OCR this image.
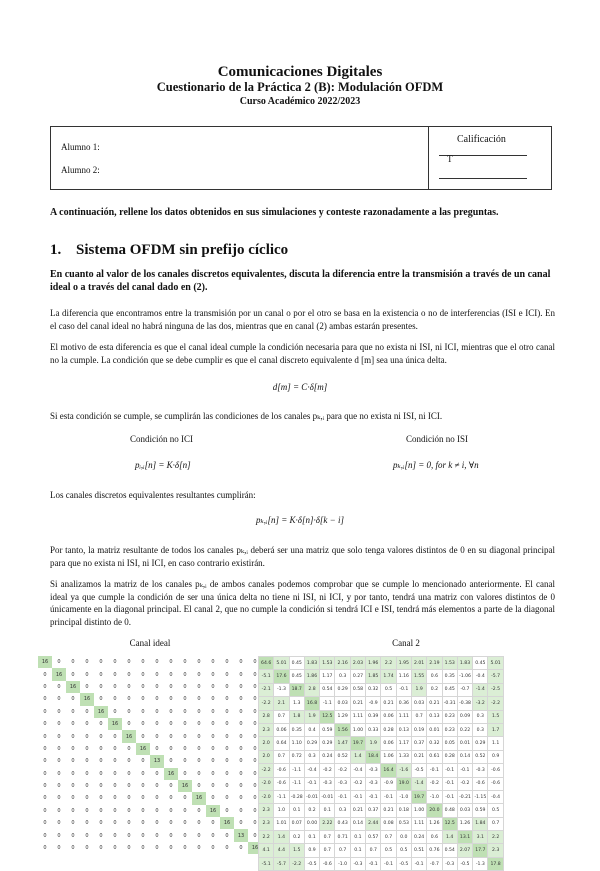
Comunicaciones Digitales
Cuestionario de la Práctica 2 (B): Modulación OFDM
Curso Académico 2022/2023
Alumno 1:
Alumno 2:
Calificación
T
A continuación, rellene los datos obtenidos en sus simulaciones y conteste razonadamente a las preguntas.
1. Sistema OFDM sin prefijo cíclico
En cuanto al valor de los canales discretos equivalentes, discuta la diferencia entre la transmisión a través de un canal ideal o a través del canal dado en (2).
La diferencia que encontramos entre la transmisión por un canal o por el otro se basa en la existencia o no de interferencias (ISI e ICI). En el caso del canal ideal no habrá ninguna de las dos, mientras que en canal (2) ambas estarán presentes.
El motivo de esta diferencia es que el canal ideal cumple la condición necesaria para que no exista ni ISI, ni ICI, mientras que el otro canal no la cumple. La condición que se debe cumplir es que el canal discreto equivalente d [m] sea una única delta.
d[m] = C·δ[m]
Si esta condición se cumple, se cumplirán las condiciones de los canales pₖ,ᵢ para que no exista ni ISI, ni ICI.
Condición no ICI	Condición no ISI
pᵢ,ᵢ[n] = K·δ[n]	pₖ,ᵢ[n] = 0, for k ≠ i, ∀n
Los canales discretos equivalentes resultantes cumplirán:
pₖ,ᵢ[n] = K·δ[n]·δ[k − i]
Por tanto, la matriz resultante de todos los canales pₖ,ᵢ deberá ser una matriz que solo tenga valores distintos de 0 en su diagonal principal para que no exista ni ISI, ni ICI, en caso contrario existirán.
Si analizamos la matriz de los canales pₖ,ᵢ de ambos canales podemos comprobar que se cumple lo mencionado anteriormente. El canal ideal ya que cumple la condición de ser una única delta no tiene ni ISI, ni ICI, y por tanto, tendrá una matriz con valores distintos de 0 únicamente en la diagonal principal. El canal 2, que no cumple la condición si tendrá ICI e ISI, tendrá más elementos a parte de la diagonal principal distinto de 0.
Canal ideal	Canal 2
16	0	0	0	0	0	0	0	0	0	0	0	0	0	0	0
0	16	0	0	0	0	0	0	0	0	0	0	0	0	0	0
0	0	16	0	0	0	0	0	0	0	0	0	0	0	0	0
0	0	0	16	0	0	0	0	0	0	0	0	0	0	0	0
0	0	0	0	16	0	0	0	0	0	0	0	0	0	0	0
0	0	0	0	0	16	0	0	0	0	0	0	0	0	0	0
0	0	0	0	0	0	16	0	0	0	0	0	0	0	0	0
0	0	0	0	0	0	0	16	0	0	0	0	0	0	0	0
0	0	0	0	0	0	0	0	13	0	0	0	0	0	0	0
0	0	0	0	0	0	0	0	0	16	0	0	0	0	0	0
0	0	0	0	0	0	0	0	0	0	16	0	0	0	0	0
0	0	0	0	0	0	0	0	0	0	0	16	0	0	0	0
0	0	0	0	0	0	0	0	0	0	0	0	16	0	0	0
0	0	0	0	0	0	0	0	0	0	0	0	0	16	0	0
0	0	0	0	0	0	0	0	0	0	0	0	0	0	13	0
0	0	0	0	0	0	0	0	0	0	0	0	0	0	0	16
64.6	5.01	0.45	1.83	1.53	2.16	2.03	1.96	2.2	1.95	2.01	2.19	1.53	1.83	0.45	5.01
-5.1	17.6	0.45	1.86	1.17	0.3	0.27	1.85	1.74	1.16	1.55	0.6	0.35	-1.06	-0.4	-5.7
-2.1	-1.3	18.7	2.8	0.54	0.29	0.58	0.32	0.5	-0.1	1.9	0.2	0.45	-0.7	-1.4	-2.5
-2.2	2.1	1.3	16.8	-1.1	0.03	0.21	-0.9	0.21	0.36	0.03	0.21	-0.31	-0.38	-3.2	-2.2
2.8	0.7	1.8	1.9	12.5	1.29	1.11	0.39	0.06	1.11	0.7	0.13	0.23	0.09	0.3	1.5
2.3	0.06	0.35	0.4	0.59	1.56	1.00	0.33	0.28	0.13	0.19	0.01	0.23	0.22	0.3	1.7
2.0	0.64	1.10	0.29	0.29	1.47	19.7	1.9	0.06	1.17	0.37	0.32	0.05	0.01	0.29	1.1
2.0	0.7	0.72	0.3	0.24	0.52	1.4	18.4	1.06	1.33	0.21	0.61	0.28	0.14	0.52	0.9
-2.2	-0.6	-1.1	-0.4	-0.2	-0.2	-0.4	-0.3	16.4	-1.6	-0.5	-0.1	-0.1	-0.1	-0.3	-0.6
-2.0	-0.6	-1.1	-0.1	-0.3	-0.3	-0.2	-0.3	-0.9	19.0	-1.4	-0.2	-0.1	-0.2	-0.6	-0.6
-2.0	-1.1	-0.28	-0.01	-0.01	-0.1	-0.1	-0.1	-0.1	-1.0	19.7	-1.0	-0.1	-0.21	-1.15	-0.4
2.3	1.0	0.1	0.2	0.1	0.3	0.21	0.37	0.21	0.18	1.00	20.0	0.48	0.03	0.59	0.5
2.3	1.01	0.07	0.00	2.22	0.43	0.14	2.44	0.08	0.53	1.11	1.26	12.5	1.26	1.84	0.7
2.2	1.4	0.2	0.1	0.7	0.71	0.1	0.57	0.7	0.0	0.24	0.6	1.4	13.1	3.1	2.2
4.1	4.4	1.5	0.9	0.7	0.7	0.1	0.7	0.5	0.5	0.51	0.76	0.54	2.07	17.7	2.3
-5.1	-5.7	-2.2	-0.5	-0.6	-1.0	-0.3	-0.1	-0.1	-0.5	-0.1	-0.7	-0.3	-0.5	-1.3	17.8
